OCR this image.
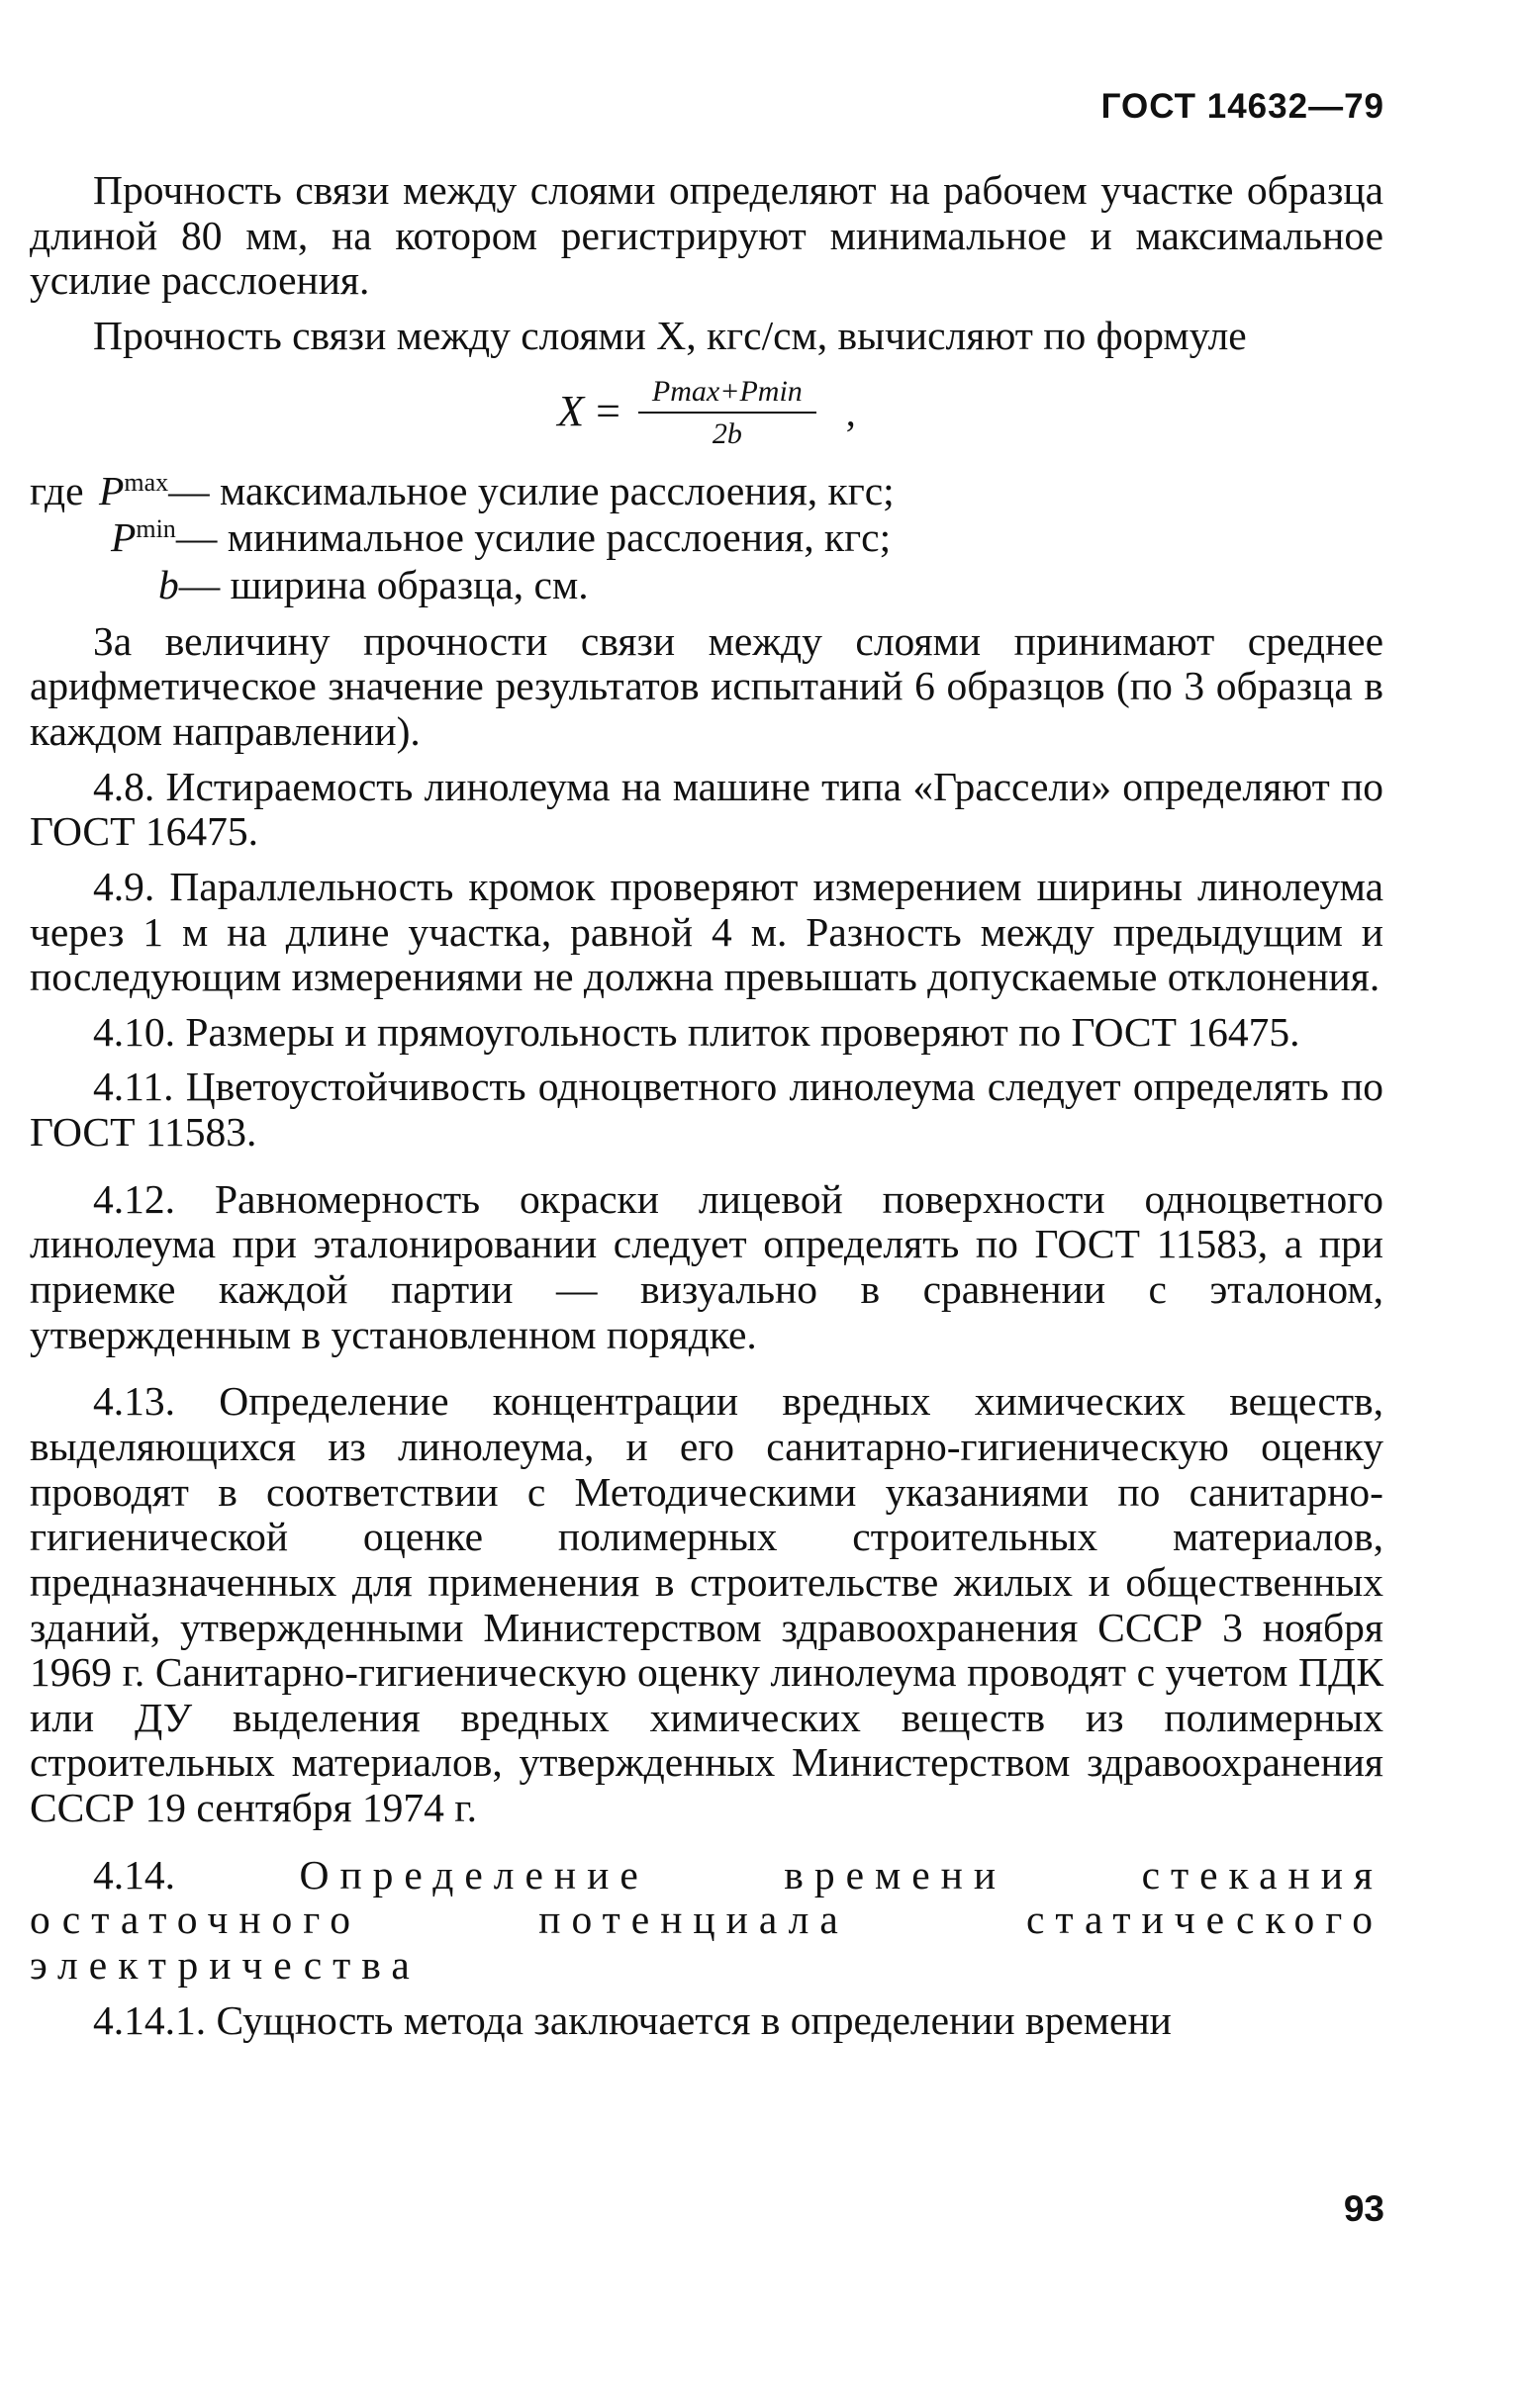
ГОСТ 14632—79

Прочность связи между слоями определяют на рабочем участке образца длиной 80 мм, на котором регистрируют минимальное и максимальное усилие расслоения.

Прочность связи между слоями X, кгс/см, вычисляют по формуле

$X = \frac{Pmax+Pmin}{2b}$ ,
где P max — максимальное усилие расслоения, кгс;
P min — минимальное усилие расслоения, кгс;
b — ширина образца, см.

За величину прочности связи между слоями принимают среднее арифметическое значение результатов испытаний 6 образцов (по 3 образца в каждом направлении).

4.8. Истираемость линолеума на машине типа «Грассели» определяют по ГОСТ 16475.

4.9. Параллельность кромок проверяют измерением ширины линолеума через 1 м на длине участка, равной 4 м. Разность между предыдущим и последующим измерениями не должна превышать допускаемые отклонения.

4.10. Размеры и прямоугольность плиток проверяют по ГОСТ 16475.

4.11. Цветоустойчивость одноцветного линолеума следует определять по ГОСТ 11583.

4.12. Равномерность окраски лицевой поверхности одноцветного линолеума при эталонировании следует определять по ГОСТ 11583, а при приемке каждой партии — визуально в сравнении с эталоном, утвержденным в установленном порядке.

4.13. Определение концентрации вредных химических веществ, выделяющихся из линолеума, и его санитарно-гигиеническую оценку проводят в соответствии с Методическими указаниями по санитарно-гигиенической оценке полимерных строительных материалов, предназначенных для применения в строительстве жилых и общественных зданий, утвержденными Министерством здравоохранения СССР 3 ноября 1969 г. Санитарно-гигиеническую оценку линолеума проводят с учетом ПДК или ДУ выделения вредных химических веществ из полимерных строительных материалов, утвержденных Министерством здравоохранения СССР 19 сентября 1974 г.

4.14.	Определение времени стекания остаточного потенциала статического электричества

4.14.1. Сущность метода заключается в определении времени

93
